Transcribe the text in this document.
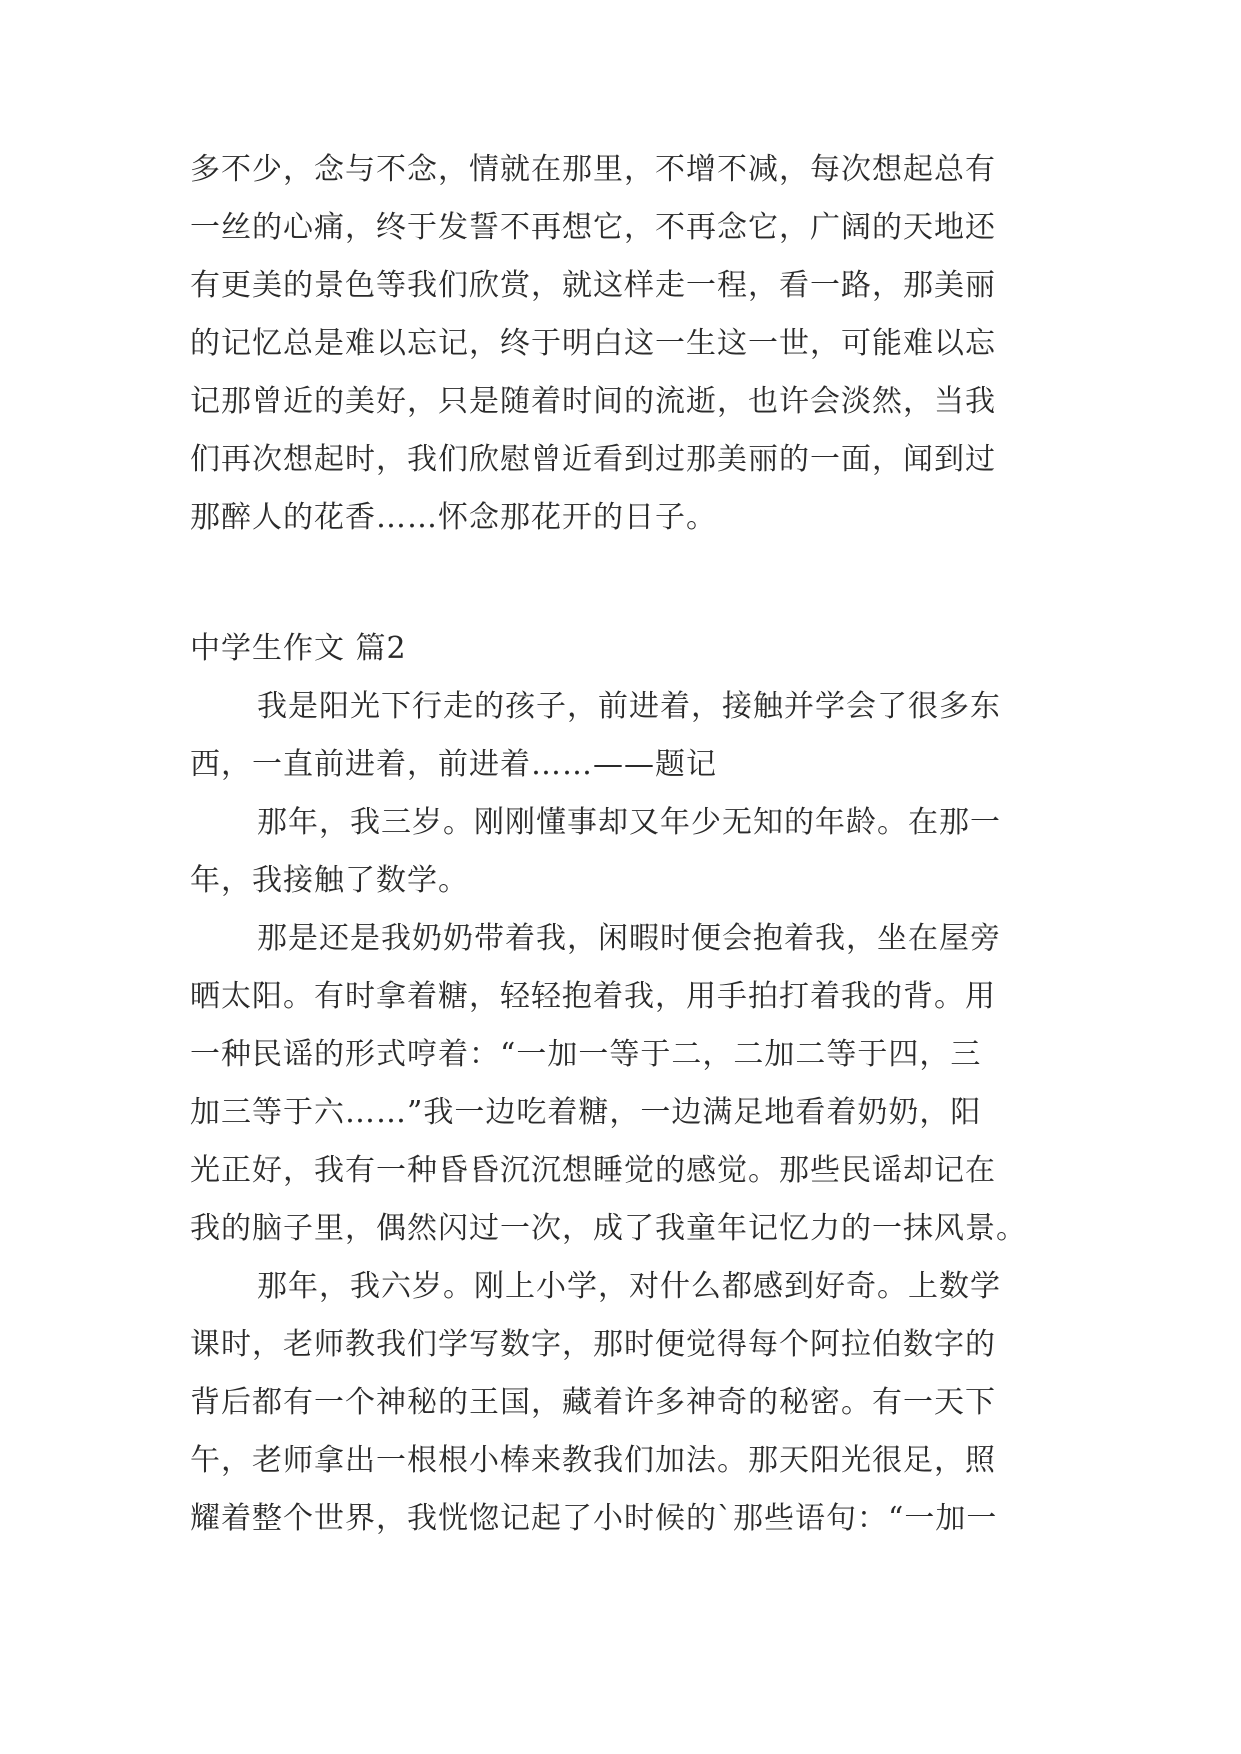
多不少，念与不念，情就在那里，不增不减，每次想起总有
一丝的心痛，终于发誓不再想它，不再念它，广阔的天地还
有更美的景色等我们欣赏，就这样走一程，看一路，那美丽
的记忆总是难以忘记，终于明白这一生这一世，可能难以忘
记那曾近的美好，只是随着时间的流逝，也许会淡然，当我
们再次想起时，我们欣慰曾近看到过那美丽的一面，闻到过
那醉人的花香……怀念那花开的日子。
中学生作文 篇2
我是阳光下行走的孩子，前进着，接触并学会了很多东
西，一直前进着，前进着……——题记
那年，我三岁。刚刚懂事却又年少无知的年龄。在那一
年，我接触了数学。
那是还是我奶奶带着我，闲暇时便会抱着我，坐在屋旁
晒太阳。有时拿着糖，轻轻抱着我，用手拍打着我的背。用
一种民谣的形式哼着：“一加一等于二，二加二等于四，三
加三等于六……”我一边吃着糖，一边满足地看着奶奶，阳
光正好，我有一种昏昏沉沉想睡觉的感觉。那些民谣却记在
我的脑子里，偶然闪过一次，成了我童年记忆力的一抹风景。
那年，我六岁。刚上小学，对什么都感到好奇。上数学
课时，老师教我们学写数字，那时便觉得每个阿拉伯数字的
背后都有一个神秘的王国，藏着许多神奇的秘密。有一天下
午，老师拿出一根根小棒来教我们加法。那天阳光很足，照
耀着整个世界，我恍惚记起了小时候的`那些语句：“一加一
